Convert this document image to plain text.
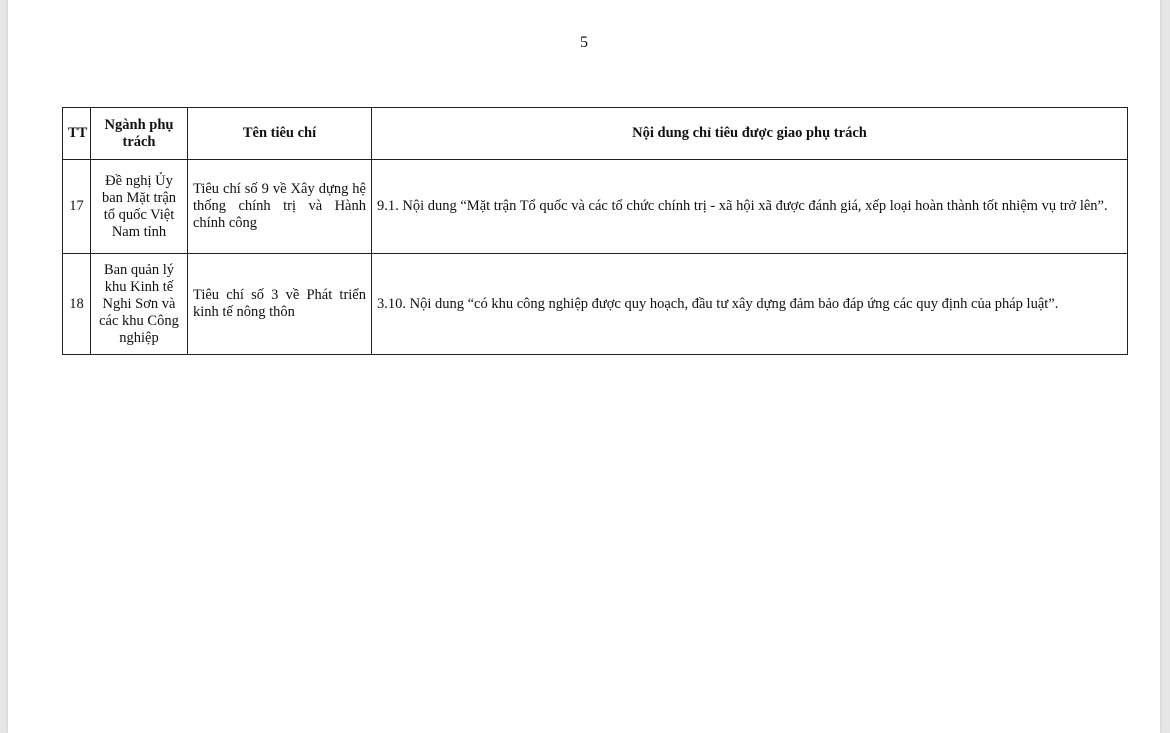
5
TT	Ngành phụ trách	Tên tiêu chí	Nội dung chỉ tiêu được giao phụ trách
17	Đề nghị Ủy ban Mặt trận tổ quốc Việt Nam tỉnh	Tiêu chí số 9 về Xây dựng hệ thống chính trị và Hành chính công	9.1. Nội dung “Mặt trận Tổ quốc và các tổ chức chính trị - xã hội xã được đánh giá, xếp loại hoàn thành tốt nhiệm vụ trở lên”.
18	Ban quản lý khu Kinh tế Nghi Sơn và các khu Công nghiệp	Tiêu chí số 3 về Phát triển kinh tế nông thôn	3.10. Nội dung “có khu công nghiệp được quy hoạch, đầu tư xây dựng đảm bảo đáp ứng các quy định của pháp luật”.
